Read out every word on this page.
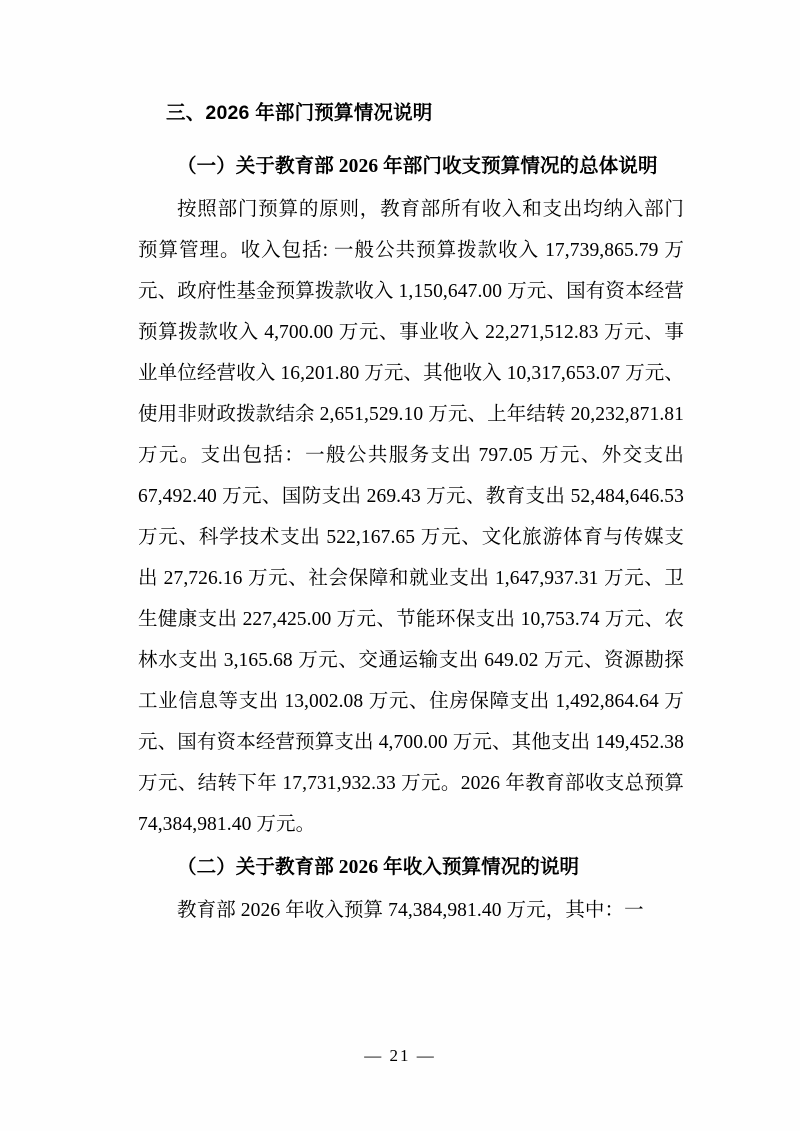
三、2026 年部门预算情况说明

（一）关于教育部 2026 年部门收支预算情况的总体说明

按照部门预算的原则，教育部所有收入和支出均纳入部门预算管理。收入包括: 一般公共预算拨款收入 17,739,865.79 万元、政府性基金预算拨款收入 1,150,647.00 万元、国有资本经营预算拨款收入 4,700.00 万元、事业收入 22,271,512.83 万元、事业单位经营收入 16,201.80 万元、其他收入 10,317,653.07 万元、使用非财政拨款结余 2,651,529.10 万元、上年结转 20,232,871.81 万元。支出包括：一般公共服务支出 797.05 万元、外交支出 67,492.40 万元、国防支出 269.43 万元、教育支出 52,484,646.53 万元、科学技术支出 522,167.65 万元、文化旅游体育与传媒支出 27,726.16 万元、社会保障和就业支出 1,647,937.31 万元、卫生健康支出 227,425.00 万元、节能环保支出 10,753.74 万元、农林水支出 3,165.68 万元、交通运输支出 649.02 万元、资源勘探工业信息等支出 13,002.08 万元、住房保障支出 1,492,864.64 万元、国有资本经营预算支出 4,700.00 万元、其他支出 149,452.38 万元、结转下年 17,731,932.33 万元。2026 年教育部收支总预算 74,384,981.40 万元。

（二）关于教育部 2026 年收入预算情况的说明

教育部 2026 年收入预算 74,384,981.40 万元，其中：一

— 21 —
